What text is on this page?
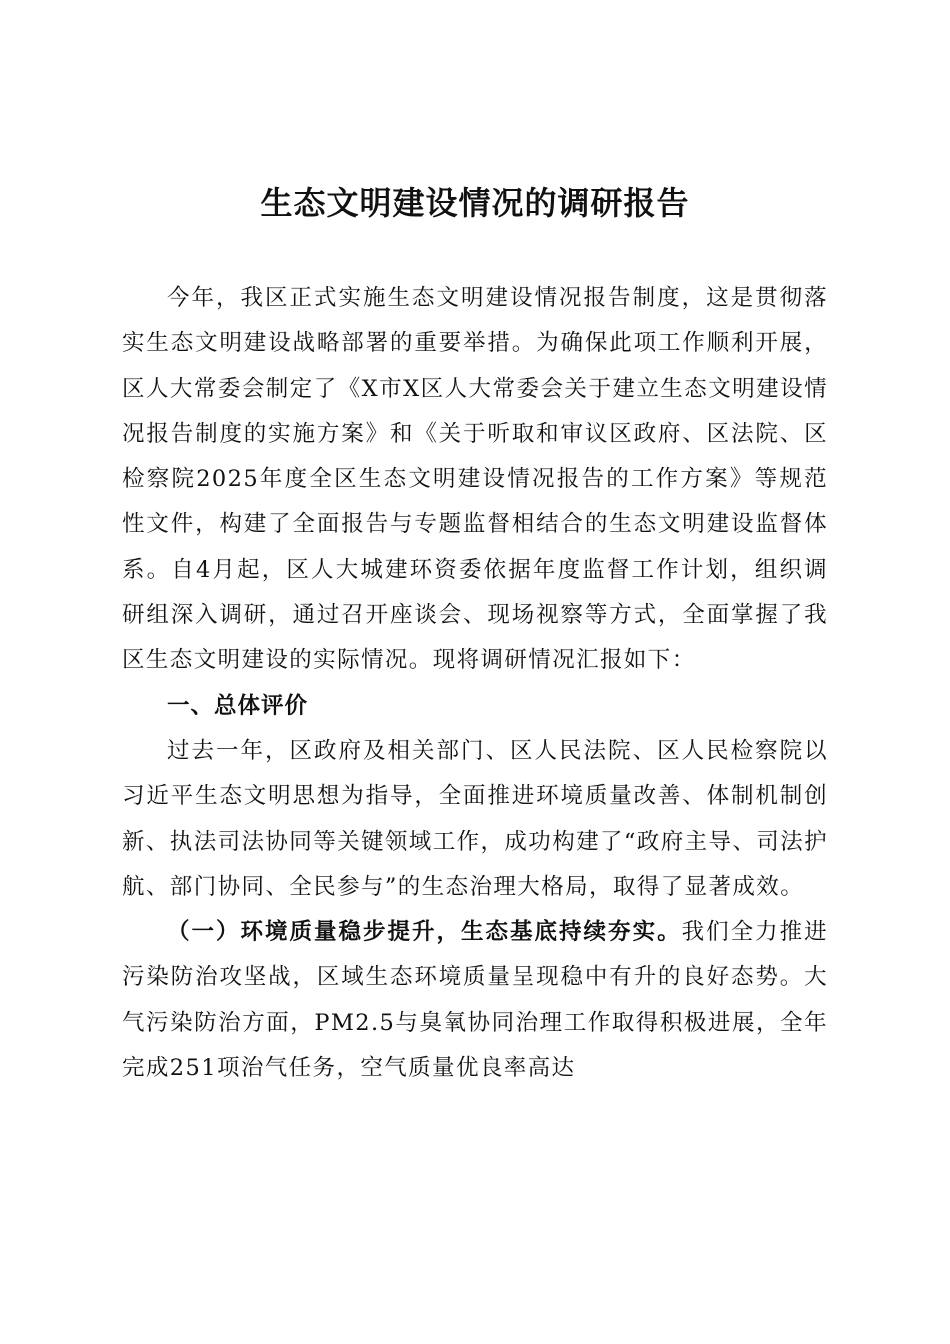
生态文明建设情况的调研报告

今年，我区正式实施生态文明建设情况报告制度，这是贯彻落实生态文明建设战略部署的重要举措。为确保此项工作顺利开展，区人大常委会制定了《X市X区人大常委会关于建立生态文明建设情况报告制度的实施方案》和《关于听取和审议区政府、区法院、区检察院2025年度全区生态文明建设情况报告的工作方案》等规范性文件，构建了全面报告与专题监督相结合的生态文明建设监督体系。自4月起，区人大城建环资委依据年度监督工作计划，组织调研组深入调研，通过召开座谈会、现场视察等方式，全面掌握了我区生态文明建设的实际情况。现将调研情况汇报如下：

一、总体评价

过去一年，区政府及相关部门、区人民法院、区人民检察院以习近平生态文明思想为指导，全面推进环境质量改善、体制机制创新、执法司法协同等关键领域工作，成功构建了“政府主导、司法护航、部门协同、全民参与”的生态治理大格局，取得了显著成效。

（一）环境质量稳步提升，生态基底持续夯实。我们全力推进污染防治攻坚战，区域生态环境质量呈现稳中有升的良好态势。大气污染防治方面，PM2.5与臭氧协同治理工作取得积极进展，全年完成251项治气任务，空气质量优良率高达
